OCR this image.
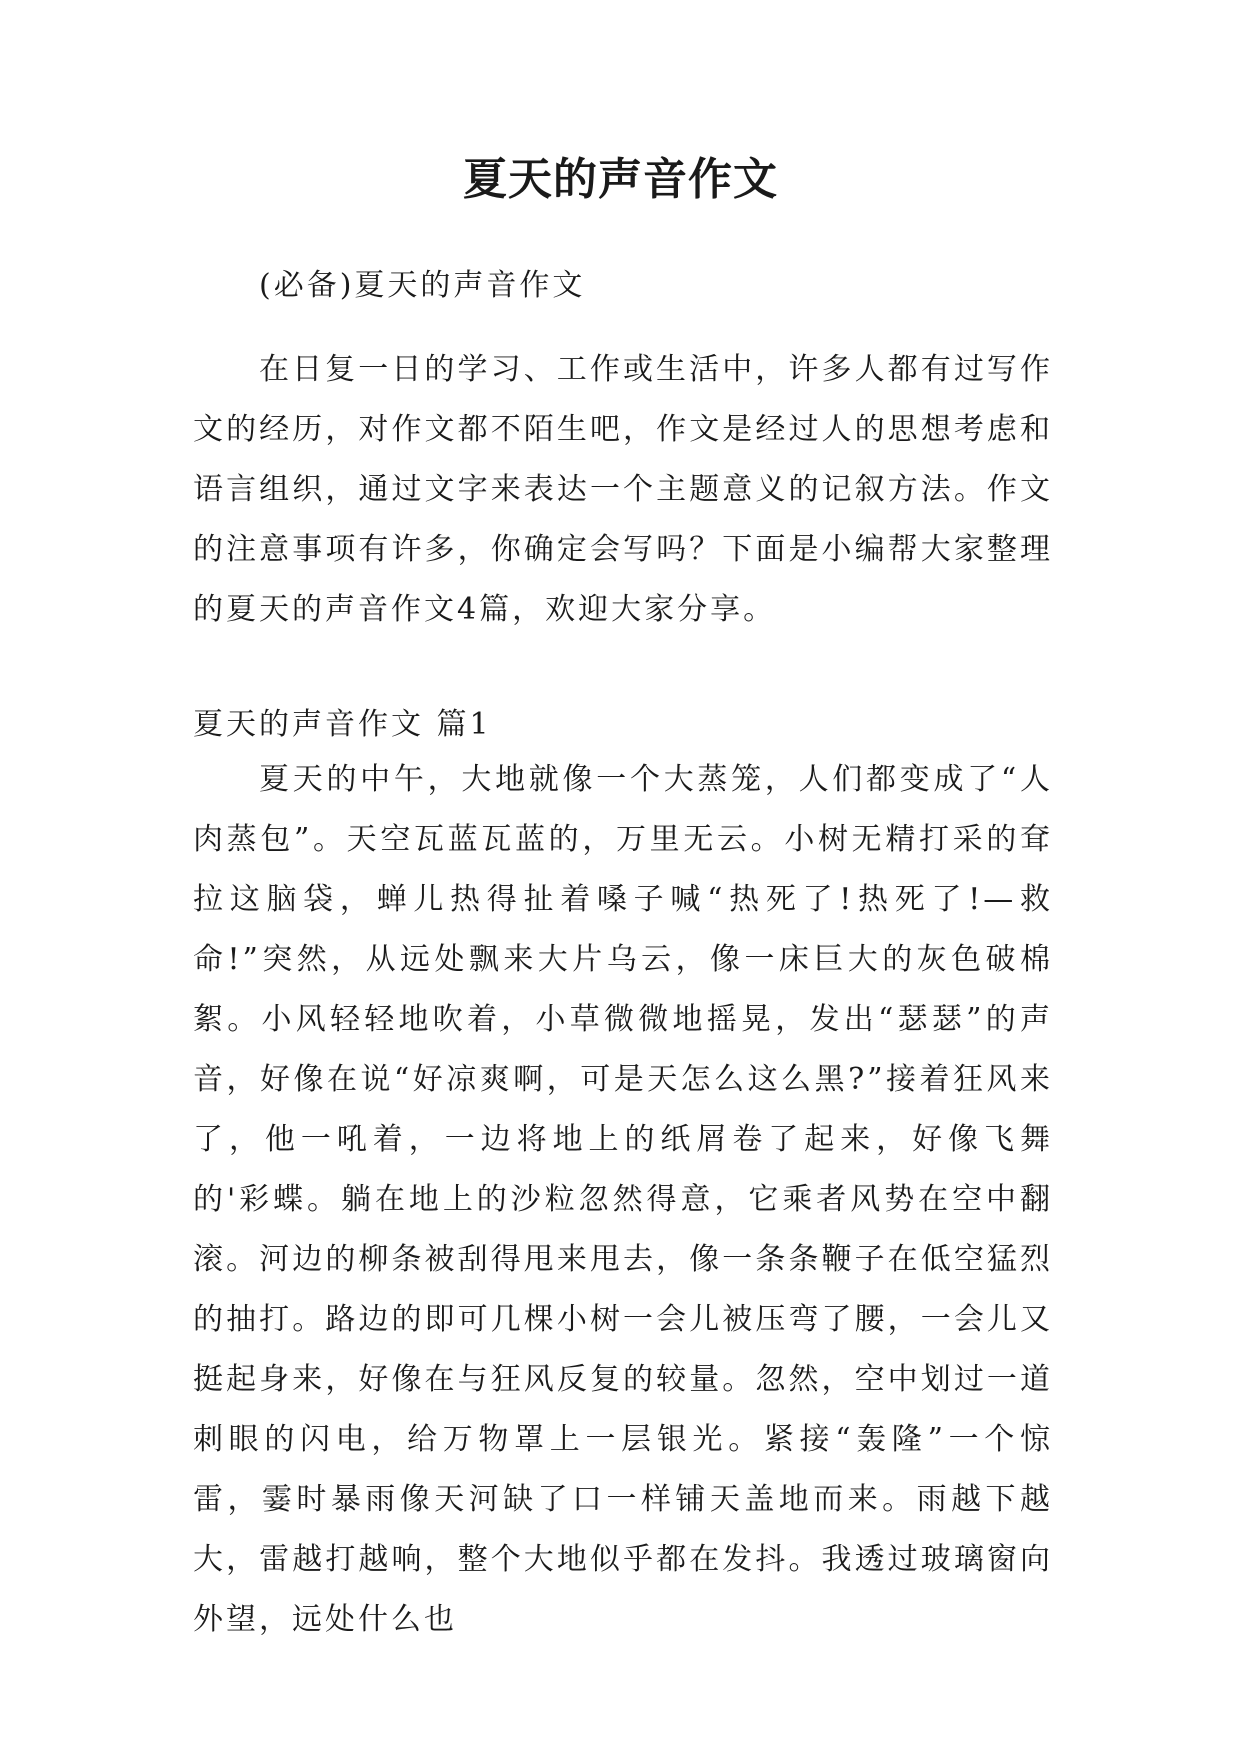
夏天的声音作文

(必备)夏天的声音作文

在日复一日的学习、工作或生活中，许多人都有过写作文的经历，对作文都不陌生吧，作文是经过人的思想考虑和语言组织，通过文字来表达一个主题意义的记叙方法。作文的注意事项有许多，你确定会写吗？下面是小编帮大家整理的夏天的声音作文4篇，欢迎大家分享。

夏天的声音作文 篇1

夏天的中午，大地就像一个大蒸笼，人们都变成了“人肉蒸包”。天空瓦蓝瓦蓝的，万里无云。小树无精打采的耷拉这脑袋，蝉儿热得扯着嗓子喊“热死了!热死了!—救命!”突然，从远处飘来大片乌云，像一床巨大的灰色破棉絮。小风轻轻地吹着，小草微微地摇晃，发出“瑟瑟”的声音，好像在说“好凉爽啊，可是天怎么这么黑?”接着狂风来了，他一吼着，一边将地上的纸屑卷了起来，好像飞舞的'彩蝶。躺在地上的沙粒忽然得意，它乘者风势在空中翻滚。河边的柳条被刮得甩来甩去，像一条条鞭子在低空猛烈的抽打。路边的即可几棵小树一会儿被压弯了腰，一会儿又挺起身来，好像在与狂风反复的较量。忽然，空中划过一道刺眼的闪电，给万物罩上一层银光。紧接“轰隆”一个惊雷，霎时暴雨像天河缺了口一样铺天盖地而来。雨越下越大，雷越打越响，整个大地似乎都在发抖。我透过玻璃窗向外望，远处什么也
